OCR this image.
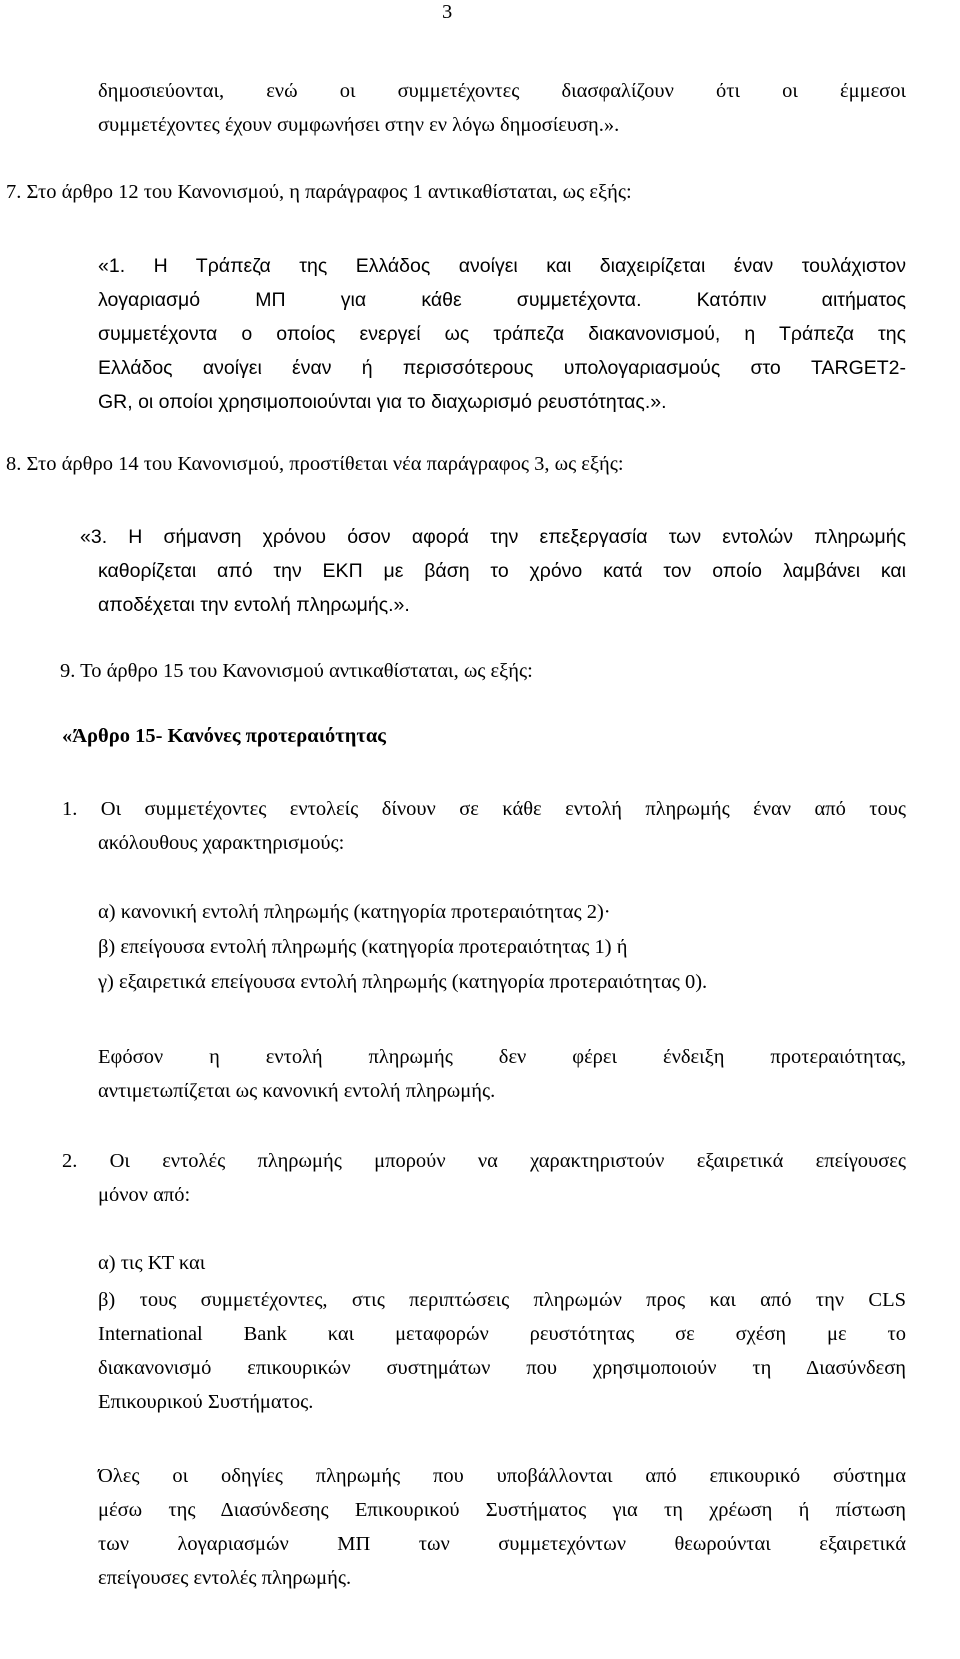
3
δημοσιεύονται, ενώ οι συμμετέχοντες διασφαλίζουν ότι οι έμμεσοι
συμμετέχοντες έχουν συμφωνήσει στην εν λόγω δημοσίευση.».
7. Στο άρθρο 12 του Κανονισμού, η παράγραφος 1 αντικαθίσταται, ως εξής:
«1. Η Τράπεζα της Ελλάδος ανοίγει και διαχειρίζεται έναν τουλάχιστον
λογαριασμό ΜΠ για κάθε συμμετέχοντα. Κατόπιν αιτήματος
συμμετέχοντα ο οποίος ενεργεί ως τράπεζα διακανονισμού, η Τράπεζα της
Ελλάδος ανοίγει έναν ή περισσότερους υπολογαριασμούς στο TARGET2-
GR, οι οποίοι χρησιμοποιούνται για το διαχωρισμό ρευστότητας.».
8. Στο άρθρο 14 του Κανονισμού, προστίθεται νέα παράγραφος 3, ως εξής:
«3. Η σήμανση χρόνου όσον αφορά την επεξεργασία των εντολών πληρωμής
καθορίζεται από την ΕΚΠ με βάση το χρόνο κατά τον οποίο λαμβάνει και
αποδέχεται την εντολή πληρωμής.».
9. Το άρθρο 15 του Κανονισμού αντικαθίσταται, ως εξής:
«Άρθρο 15- Κανόνες προτεραιότητας
1. Οι συμμετέχοντες εντολείς δίνουν σε κάθε εντολή πληρωμής έναν από τους
ακόλουθους χαρακτηρισμούς:
α) κανονική εντολή πληρωμής (κατηγορία προτεραιότητας 2)·
β) επείγουσα εντολή πληρωμής (κατηγορία προτεραιότητας 1) ή
γ) εξαιρετικά επείγουσα εντολή πληρωμής (κατηγορία προτεραιότητας 0).
Εφόσον η εντολή πληρωμής δεν φέρει ένδειξη προτεραιότητας,
αντιμετωπίζεται ως κανονική εντολή πληρωμής.
2. Οι εντολές πληρωμής μπορούν να χαρακτηριστούν εξαιρετικά επείγουσες
μόνον από:
α) τις ΚΤ και
β) τους συμμετέχοντες, στις περιπτώσεις πληρωμών προς και από την CLS
International Bank και μεταφορών ρευστότητας σε σχέση με το
διακανονισμό επικουρικών συστημάτων που χρησιμοποιούν τη Διασύνδεση
Επικουρικού Συστήματος.
Όλες οι οδηγίες πληρωμής που υποβάλλονται από επικουρικό σύστημα
μέσω της Διασύνδεσης Επικουρικού Συστήματος για τη χρέωση ή πίστωση
των λογαριασμών ΜΠ των συμμετεχόντων θεωρούνται εξαιρετικά
επείγουσες εντολές πληρωμής.
